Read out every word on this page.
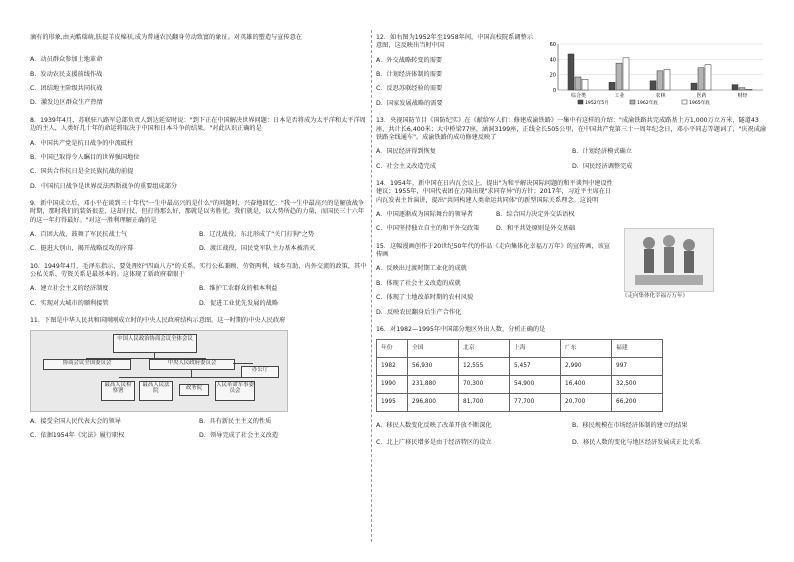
滴有的形象,由天酷瑞萌,肤提羊皮棉袄,成为普通农民翻身劳动致富的象征。对英雄的塑造与宣传意在

A．动员群众参加土地革命

B．发动农民支援前线作战

C．团结地主阶级共同抗战

D．激发边区群众生产热情

8．1939年4月，苏联驻八路军总部负责人到达延安时说："到下正在中国解决世界问题：日本是否将成为太平洋和太平洋周边的主人，人类好几十年的命运将取决于中国和日本斗争的结果。"对此认识正确的是

A．中国共产党是抗日战争的中流砥柱

B．中国已取得令人瞩目的世界强国地位

C．国共合作抗日是全民族抗战的前提

D．中国抗日战争是世界反法西斯战争的重要组成部分

9．新中国成立后，邓小平在谈到三十年代"一生中最高兴的是什么"的问题时，兴奋地回忆："我一生中最高兴的是解放战争时期，那时我们的装备很差，这却打仗，但打得那么好，那就是以劣胜优。我们就是，以大势所趋的力量，而国民三十六年的这一年打得最好。"对这一胜利理解正确的是

A．百团大战，鼓舞了军民抗战士气	B．辽沈战役，东北形成了"关门打狗"之势
C．挺进大别山，揭开战略反攻的序幕	D．渡江战役，国民党军队主力基本被消灭

10．1949年4月，毛泽东指示，要处理好"四面八方"的关系，实行公私兼顾、劳资两利、城乡互助、内外交流的政策，其中公私关系、劳资关系是最基本的。这体现了新政府着眼于

A．建立社会主义的经济制度	B．维护工农群众的根本利益
C．实现对大城市的顺利接管	D．促进工业优先发展的战略

11．下图是中华人民共和国刚刚成立时的中央人民政府结构示意图。这一时期的中央人民政府

中国人民政治协商会议全体会议
协商会议全国委员会	中央人民政府委员会
办公厅
最高人民检察署
最高人民法院
政务院	人民革命军事委员会
A．接受全国人民代表大会的领导	B．具有新民主主义的性质
C．依据1954年《宪法》履行职权	D．领导完成了社会主义改造

12．如右图为1952年至1958年间，中国高校院系调整示意图，这反映出当时中国

A．外交战略转变的需要

B．计划经济体制的需要

C．反思苏联经验的需要

D．国家发展战略的需要

13．央视国防节目《国防纪实》在《献给军人们：修建成渝铁路》一集中有这样的介绍："成渝铁路共完成路基土方1,000万立方米，隧道43座，共计长6,400米；大中桥梁77座，涵洞3199座，正线全长505公里，在中国共产党第三十一周年纪念日，邓小平同志等题词了，"庆祝成渝铁路全线通车"。成渝铁路的成功修建反映了

A．国民经济得到恢复	B．计划经济模式确立
C．社会主义改造完成	D．国民经济调整完成

14．1954年，新中国在日内瓦会议上，提出"为和平解决国际问题的和平谈判中建设性建议；1955年，中国代表团在万隆出现"求同存异"的方针；2017年，习近平主席在日内瓦发表主旨演讲，提出"共同构建人类命运共同体"的新型国际关系理念。这说明

A．中国逐渐成为国际舞台的领导者	B．综合国力决定外交话语权
C．中国坚持独立自主的和平外交政策	D．和平共处原则是外交基础

15．这幅漫画创作于20世纪50年代的作品《走向集体化幸福万万年》的宣传画，该宣传画

A．反映出过渡时期工业化的成就

B．体现了社会主义改造的成就

C．体现了土地改革时期的农村风貌

D．反映农民翻身后生产合作化

16．对1982—1995年中国部分地区外出人数，分析正确的是

年份	全国	北京	上海	广东	福建
1982	56,930	12,555	5,457	2,990	997
1990	231,880	70,300	54,900	16,400	32,500
1995	296,800	81,700	77,700	20,700	66,200
A．移民人数变化反映了改革开放不断深化	B．移民规模在市场经济体制的建立的结果
C．北上广移民增多是由于经济特区的设立	D．移民人数的变化与地区经济发展成正比关系
0
20
40
60
综合类	工业	农林	医药	财经
1952年5月	1962年底	1965年底
《走向集体化幸福万万年》
